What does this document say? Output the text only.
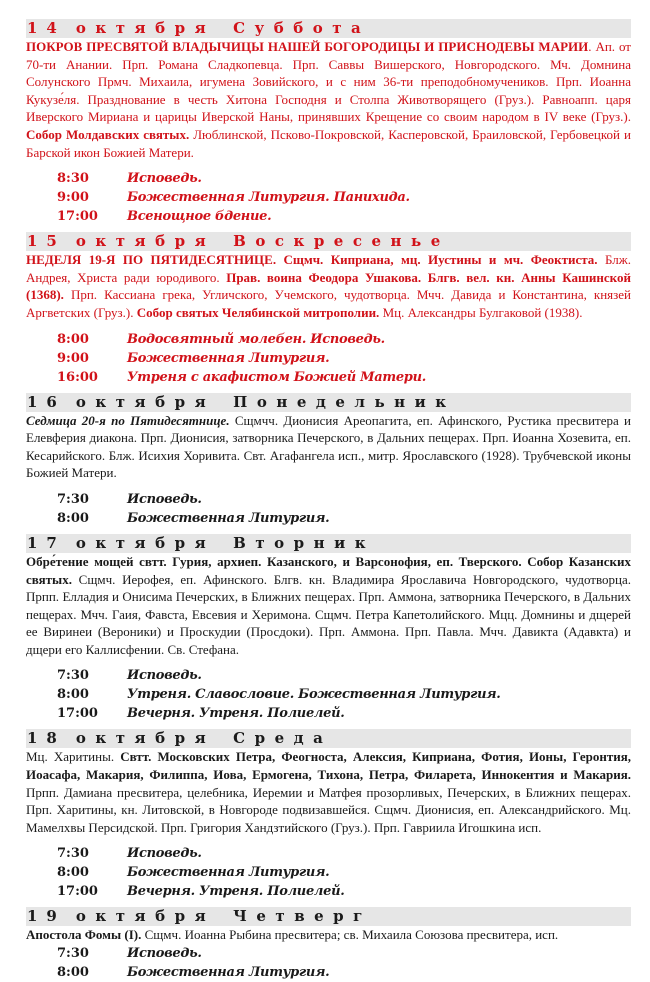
14 октября Суббота

ПОКРОВ ПРЕСВЯТОЙ ВЛАДЫЧИЦЫ НАШЕЙ БОГОРОДИЦЫ И ПРИСНОДЕВЫ МАРИИ. Ап. от 70-ти Анании. Прп. Романа Сладкопевца. Прп. Саввы Вишерского, Новгородского. Мч. Домнина Солунского Прмч. Михаила, игумена Зовийского, и с ним 36-ти преподобномучеников. Прп. Иоанна Кукузе́ля. Празднование в честь Хитона Господня и Столпа Животворящего (Груз.). Равноапп. царя Иверского Мириана и царицы Иверской Наны, принявших Крещение со своим народом в IV веке (Груз.). Собор Молдавских святых. Люблинской, Псково-Покровской, Касперовской, Браиловской, Гербовецкой и Барской икон Божией Матери.

8:30	Исповедь.
9:00	Божественная Литургия. Панихида.
17:00	Всенощное бдение.
15 октября Воскресенье

НЕДЕЛЯ 19-Я ПО ПЯТИДЕСЯТНИЦЕ. Сщмч. Киприана, мц. Иустины и мч. Феоктиста. Блж. Андрея, Христа ради юродивого. Прав. воина Феодора Ушакова. Блгв. вел. кн. Анны Кашинской (1368). Прп. Кассиана грека, Угличского, Учемского, чудотворца. Мчч. Давида и Константина, князей Аргветских (Груз.). Собор святых Челябинской митрополии. Мц. Александры Булгаковой (1938).

8:00	Водосвятный молебен. Исповедь.
9:00	Божественная Литургия.
16:00	Утреня с акафистом Божией Матери.
16 октября Понедельник

Седмица 20-я по Пятидесятнице. Сщмчч. Дионисия Ареопагита, еп. Афинского, Рустика пресвитера и Елевферия диакона. Прп. Дионисия, затворника Печерского, в Дальних пещерах. Прп. Иоанна Хозевита, еп. Кесарийского. Блж. Исихия Хоривита. Свт. Агафангела исп., митр. Ярославского (1928). Трубчевской иконы Божией Матери.

7:30	Исповедь.
8:00	Божественная Литургия.
17 октября Вторник

Обре́тение мощей свтт. Гурия, архиеп. Казанского, и Варсонофия, еп. Тверского. Собор Казанских святых. Сщмч. Иерофея, еп. Афинского. Блгв. кн. Владимира Ярославича Новгородского, чудотворца. Прпп. Елладия и Онисима Печерских, в Ближних пещерах. Прп. Аммона, затворника Печерского, в Дальних пещерах. Мчч. Гаия, Фавста, Евсевия и Херимона. Сщмч. Петра Капетолийского. Мцц. Домнины и дщерей ее Виринеи (Вероники) и Проскудии (Просдоки). Прп. Аммона. Прп. Павла. Мчч. Давикта (Адавкта) и дщери его Каллисфении. Св. Стефана.

7:30	Исповедь.
8:00	Утреня. Славословие. Божественная Литургия.
17:00	Вечерня. Утреня. Полиелей.
18 октября Среда

Мц. Харитины. Свтт. Московских Петра, Феогноста, Алексия, Киприана, Фотия, Ионы, Геронтия, Иоасафа, Макария, Филиппа, Иова, Ермогена, Тихона, Петра, Филарета, Иннокентия и Макария. Прпп. Дамиана пресвитера, целебника, Иеремии и Матфея прозорливых, Печерских, в Ближних пещерах. Прп. Харитины, кн. Литовской, в Новгороде подвизавшейся. Сщмч. Дионисия, еп. Александрийского. Мц. Мамелхвы Персидской. Прп. Григория Хандзтийского (Груз.). Прп. Гавриила Игошкина исп.

7:30	Исповедь.
8:00	Божественная Литургия.
17:00	Вечерня. Утреня. Полиелей.
19 октября Четверг

Апостола Фомы (I). Сщмч. Иоанна Рыбина пресвитера; св. Михаила Союзова пресвитера, исп.

7:30	Исповедь.
8:00	Божественная Литургия.
